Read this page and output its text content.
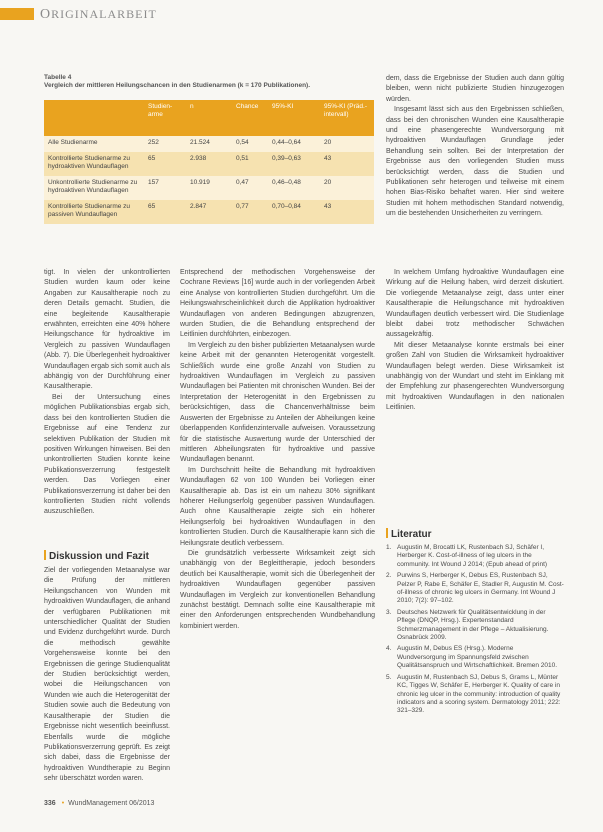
ORIGINALARBEIT
Tabelle 4
Vergleich der mittleren Heilungschancen in den Studienarmen (k = 170 Publikationen).
	Studien-arme	n	Chance	95%-KI	95%-KI (Präd.-intervall)
Alle Studienarme	252	21.524	0,54	0,44–0,64	20
Kontrollierte Studienarme zu hydroaktiven Wundauflagen	65	2.938	0,51	0,39–0,63	43
Unkontrollierte Studienarme zu hydroaktiven Wundauflagen	157	10.919	0,47	0,46–0,48	20
Kontrollierte Studienarme zu passiven Wundauflagen	65	2.847	0,77	0,70–0,84	43

dem, dass die Ergebnisse der Studien auch dann gültig bleiben, wenn nicht publizierte Studien hinzugezogen würden.

Insgesamt lässt sich aus den Ergebnissen schließen, dass bei den chronischen Wunden eine Kausaltherapie und eine phasengerechte Wundversorgung mit hydroaktiven Wundauflagen Grundlage jeder Behandlung sein sollten. Bei der Interpretation der Ergebnisse aus den vorliegenden Studien muss berücksichtigt werden, dass die Studien und Publikationen sehr heterogen und teilweise mit einem hohen Bias-Risiko behaftet waren. Hier sind weitere Studien mit hohem methodischen Standard notwendig, um die bestehenden Unsicherheiten zu verringern.

tigt. In vielen der unkontrollierten Studien wurden kaum oder keine Angaben zur Kausaltherapie noch zu deren Details gemacht. Studien, die eine begleitende Kausaltherapie erwähnten, erreichten eine 40% höhere Heilungschance für hydroaktive im Vergleich zu passiven Wundauflagen (Abb. 7). Die Überlegenheit hydroaktiver Wundauflagen ergab sich somit auch als abhängig von der Durchführung einer Kausaltherapie.

Bei der Untersuchung eines möglichen Publikationsbias ergab sich, dass bei den kontrollierten Studien die Ergebnisse auf eine Tendenz zur selektiven Publikation der Studien mit positiven Wirkungen hinweisen. Bei den unkontrollierten Studien konnte keine Publikationsverzerrung festgestellt werden. Das Vorliegen einer Publikationsverzerrung ist daher bei den kontrollierten Studien nicht vollends auszuschließen.

Diskussion und Fazit

Ziel der vorliegenden Metaanalyse war die Prüfung der mittleren Heilungschancen von Wunden mit hydroaktiven Wundauflagen, die anhand der verfügbaren Publikationen mit unterschiedlicher Qualität der Studien und Evidenz durchgeführt wurde. Durch die methodisch gewählte Vorgehensweise konnte bei den Ergebnissen die geringe Studienqualität der Studien berücksichtigt werden, wobei die Heilungschancen von Wunden wie auch die Heterogenität der Studien sowie auch die Bedeutung von Kausaltherapie der Studien die Ergebnisse nicht wesentlich beeinflusst. Ebenfalls wurde die mögliche Publikationsverzerrung geprüft. Es zeigt sich dabei, dass die Ergebnisse der hydroaktiven Wundtherapie zu Beginn sehr überschätzt worden waren.

Entsprechend der methodischen Vorgehensweise der Cochrane Reviews [16] wurde auch in der vorliegenden Arbeit eine Analyse von kontrollierten Studien durchgeführt. Um die Heilungswahrscheinlichkeit durch die Applikation hydroaktiver Wundauflagen von anderen Bedingungen abzugrenzen, wurden Studien, die die Behandlung entsprechend der Leitlinien durchführten, einbezogen.

Im Vergleich zu den bisher publizierten Metaanalysen wurde keine Arbeit mit der genannten Heterogenität vorgestellt. Schließlich wurde eine große Anzahl von Studien zu hydroaktiven Wundauflagen im Vergleich zu passiven Wundauflagen bei Patienten mit chronischen Wunden. Bei der Interpretation der Heterogenität in den Ergebnissen zu berücksichtigen, dass die Chancenverhältnisse beim Auswerten der Ergebnisse zu Anteilen der Abheilungen keine überlappenden Konfidenzintervalle aufweisen. Voraussetzung für die statistische Auswertung wurde der Unterschied der mittleren Abheilungsraten für hydroaktive und passive Wundauflagen benannt.

Im Durchschnitt heilte die Behandlung mit hydroaktiven Wundauflagen 62 von 100 Wunden bei Vorliegen einer Kausaltherapie ab. Das ist ein um nahezu 30% signifikant höherer Heilungserfolg gegenüber passiven Wundauflagen. Auch ohne Kausaltherapie zeigte sich ein höherer Heilungserfolg bei hydroaktiven Wundauflagen in den kontrollierten Studien. Durch die Kausaltherapie kann sich die Heilungsrate deutlich verbessern.

Die grundsätzlich verbesserte Wirksamkeit zeigt sich unabhängig von der Begleittherapie, jedoch besonders deutlich bei Kausaltherapie, womit sich die Überlegenheit der hydroaktiven Wundauflagen gegenüber passiven Wundauflagen im Vergleich zur konventionellen Behandlung zunächst bestätigt. Demnach sollte eine Kausaltherapie mit einer den Anforderungen entsprechenden Wundbehandlung kombiniert werden.

In welchem Umfang hydroaktive Wundauflagen eine Wirkung auf die Heilung haben, wird derzeit diskutiert. Die vorliegende Metaanalyse zeigt, dass unter einer Kausaltherapie die Heilungschance mit hydroaktiven Wundauflagen deutlich verbessert wird. Die Studienlage bleibt dabei trotz methodischer Schwächen aussagekräftig.

Mit dieser Metaanalyse konnte erstmals bei einer großen Zahl von Studien die Wirksamkeit hydroaktiver Wundauflagen belegt werden. Diese Wirksamkeit ist unabhängig von der Wundart und steht im Einklang mit der Empfehlung zur phasengerechten Wundversorgung mit hydroaktiven Wundauflagen in den nationalen Leitlinien.

Literatur
1. Augustin M, Brocatti LK, Rustenbach SJ, Schäfer I, Herberger K. Cost-of-illness of leg ulcers in the community. Int Wound J 2014; (Epub ahead of print)
2. Purwins S, Herberger K, Debus ES, Rustenbach SJ, Pelzer P, Rabe E, Schäfer E, Stadler R, Augustin M. Cost-of-illness of chronic leg ulcers in Germany. Int Wound J 2010; 7(2): 97–102.
3. Deutsches Netzwerk für Qualitätsentwicklung in der Pflege (DNQP, Hrsg.). Expertenstandard Schmerzmanagement in der Pflege – Aktualisierung. Osnabrück 2009.
4. Augustin M, Debus ES (Hrsg.). Moderne Wundversorgung im Spannungsfeld zwischen Qualitätsanspruch und Wirtschaftlichkeit. Bremen 2010.
5. Augustin M, Rustenbach SJ, Debus S, Grams L, Münter KC, Tigges W, Schäfer E, Herberger K. Quality of care in chronic leg ulcer in the community: introduction of quality indicators and a scoring system. Dermatology 2011; 222: 321–329.
336 • WundManagement 06/2013
